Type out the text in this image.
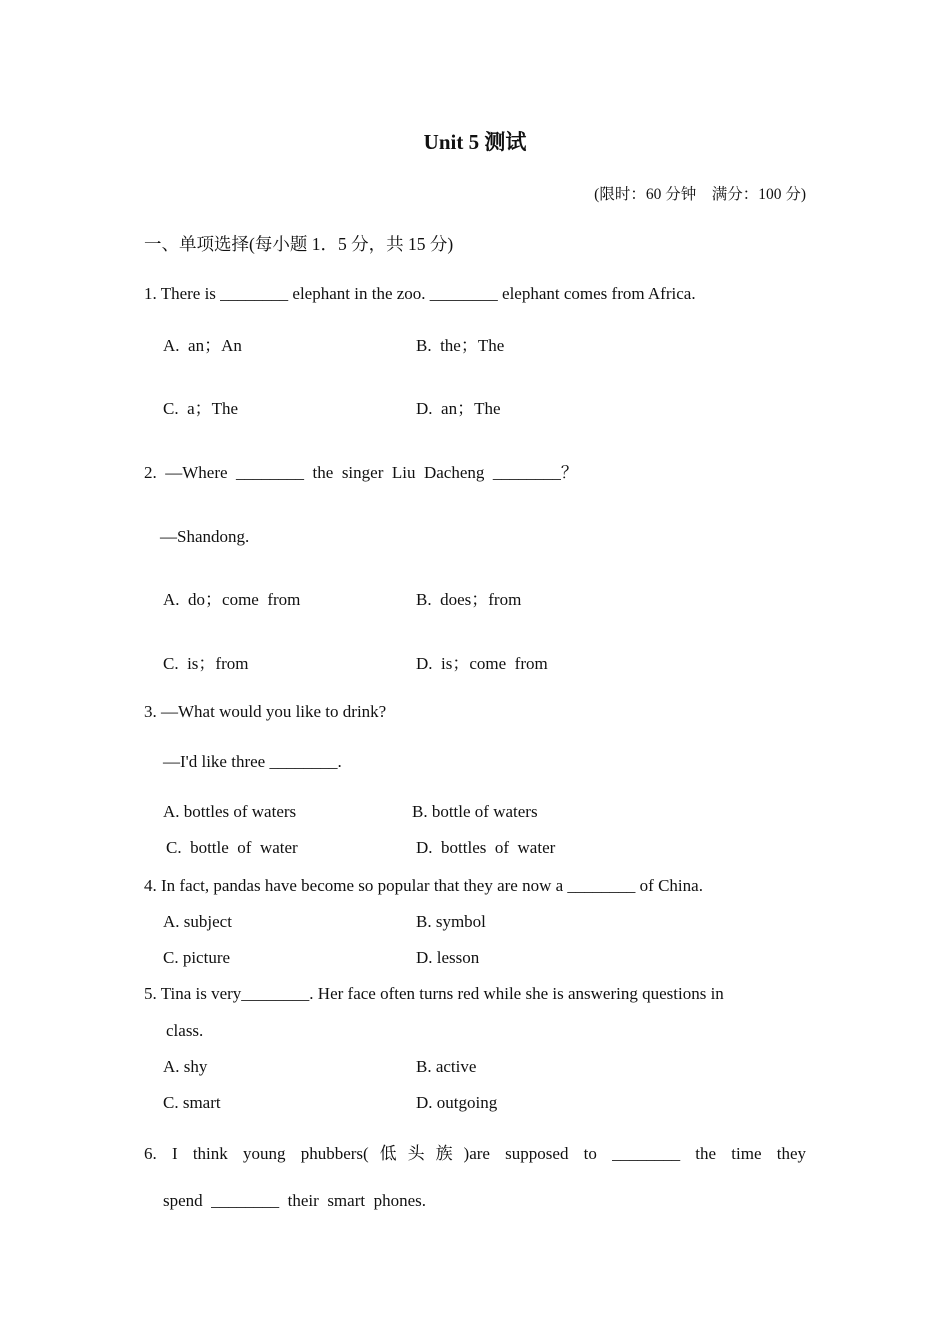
Unit 5 测试
(限时：60 分钟    满分：100 分)
一、单项选择(每小题 1．5 分，共 15 分)
1. There is ________ elephant in the zoo. ________ elephant comes from Africa.
A.  an；An	B.  the；The
C.  a；The	D.  an；The
2.  —Where  ________  the  singer  Liu  Dacheng  ________？
—Shandong.
A.  do；come  from	B.  does；from
C.  is；from	D.  is；come  from
3. —What would you like to drink?
—I'd like three ________.
A. bottles of waters	B. bottle of waters
C.  bottle  of  water	D.  bottles  of  water
4. In fact, pandas have become so popular that they are now a ________ of China.
A. subject	B. symbol
C. picture	D. lesson
5. Tina is very________. Her face often turns red while she is answering questions in
class.
A. shy	B. active
C. smart	D. outgoing
6. I think young phubbers(低头族)are supposed to ________ the time they
spend  ________  their  smart  phones.
